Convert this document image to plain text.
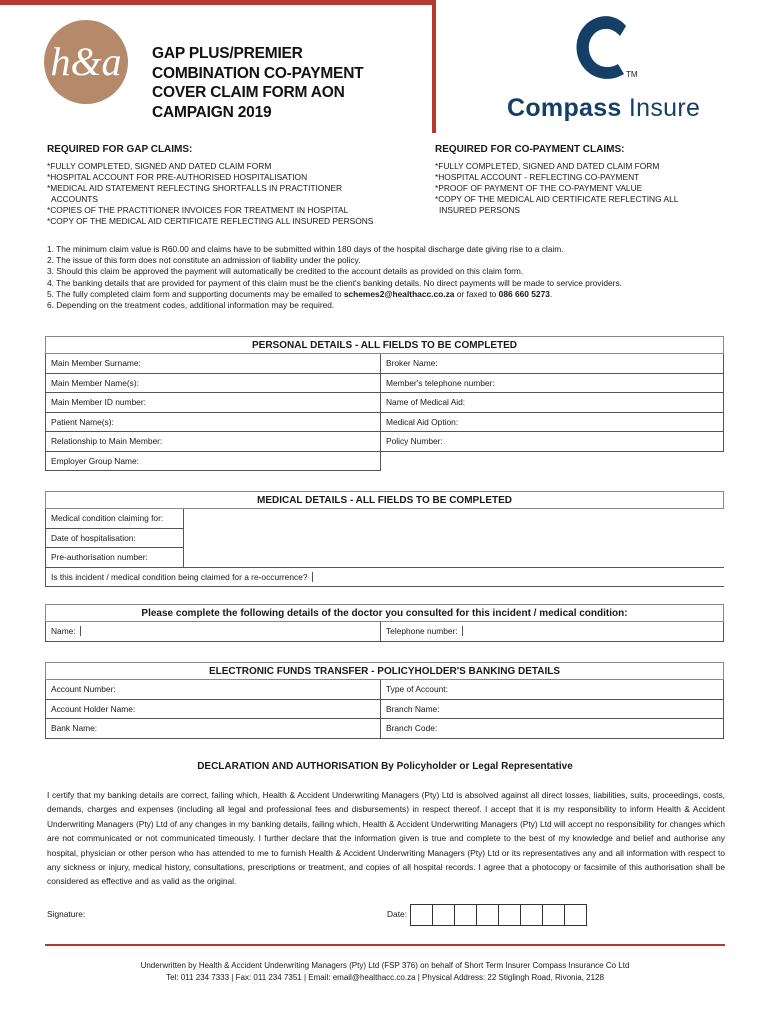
h&a	GAP PLUS/PREMIER
COMBINATION CO-PAYMENT
COVER CLAIM FORM AON
CAMPAIGN 2019
TM
Compass Insure
REQUIRED FOR GAP CLAIMS:
*FULLY COMPLETED, SIGNED AND DATED CLAIM FORM
*HOSPITAL ACCOUNT FOR PRE-AUTHORISED HOSPITALISATION
*MEDICAL AID STATEMENT REFLECTING SHORTFALLS IN PRACTITIONER
ACCOUNTS
*COPIES OF THE PRACTITIONER INVOICES FOR TREATMENT IN HOSPITAL
*COPY OF THE MEDICAL AID CERTIFICATE REFLECTING ALL INSURED PERSONS
REQUIRED FOR CO-PAYMENT CLAIMS:
*FULLY COMPLETED, SIGNED AND DATED CLAIM FORM
*HOSPITAL ACCOUNT - REFLECTING CO-PAYMENT
*PROOF OF PAYMENT OF THE CO-PAYMENT VALUE
*COPY OF THE MEDICAL AID CERTIFICATE REFLECTING ALL
INSURED PERSONS
1. The minimum claim value is R60.00 and claims have to be submitted within 180 days of the hospital discharge date giving rise to a claim.
2. The issue of this form does not constitute an admission of liability under the policy.
3. Should this claim be approved the payment will automatically be credited to the account details as provided on this claim form.
4. The banking details that are provided for payment of this claim must be the client's banking details. No direct payments will be made to service providers.
5. The fully completed claim form and supporting documents may be emailed to schemes2@healthacc.co.za or faxed to 086 660 5273.
6. Depending on the treatment codes, additional information may be required.
PERSONAL DETAILS - ALL FIELDS TO BE COMPLETED	
Main Member Surname:	Broker Name:
Main Member Name(s):	Member's telephone number:
Main Member ID number:	Name of Medical Aid:
Patient Name(s):	Medical Aid Option:
Relationship to Main Member:	Policy Number:
Employer Group Name:	
MEDICAL DETAILS - ALL FIELDS TO BE COMPLETED	
Medical condition claiming for:	
Date of hospitalisation:	
Pre-authorisation number:	
Is this incident / medical condition being claimed for a re-occurrence?	
Please complete the following details of the doctor you consulted for this incident / medical condition:
Name:	Telephone number:
ELECTRONIC FUNDS TRANSFER - POLICYHOLDER'S BANKING DETAILS	
Account Number:	Type of Account:
Account Holder Name:	Branch Name:
Bank Name:	Branch Code:
DECLARATION AND AUTHORISATION By Policyholder or Legal Representative

I certify that my banking details are correct, failing which, Health & Accident Underwriting Managers (Pty) Ltd is absolved against all direct losses, liabilities, suits, proceedings, costs, demands, charges and expenses (including all legal and professional fees and disbursements) in respect thereof. I accept that it is my responsibility to inform Health & Accident Underwriting Managers (Pty) Ltd of any changes in my banking details, failing which, Health & Accident Underwriting Managers (Pty) Ltd will accept no responsibility for changes which are not communicated or not communicated timeously. I further declare that the information given is true and complete to the best of my knowledge and belief and authorise any hospital, physician or other person who has attended to me to furnish Health & Accident Underwriting Managers (Pty) Ltd or its representatives any and all information with respect to any sickness or injury, medical history, consultations, prescriptions or treatment, and copies of all hospital records. I agree that a photocopy or facsimile of this authorisation shall be considered as effective and as valid as the original.

Signature:	Date:
Underwritten by Health & Accident Underwriting Managers (Pty) Ltd (FSP 376) on behalf of Short Term Insurer Compass Insurance Co Ltd
Tel: 011 234 7333 | Fax: 011 234 7351 | Email: email@healthacc.co.za | Physical Address: 22 Stiglingh Road, Rivonia, 2128
